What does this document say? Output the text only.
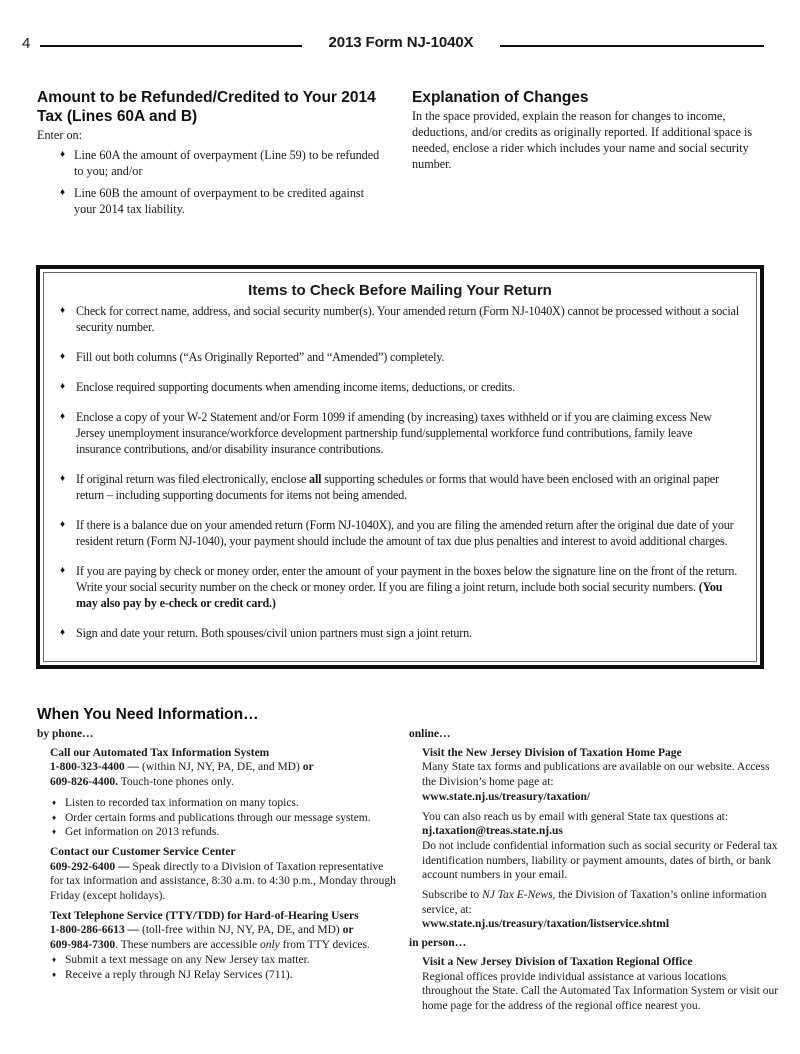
4	2013 Form NJ-1040X
Amount to be Refunded/Credited to Your 2014 Tax (Lines 60A and B)

Enter on:

♦ Line 60A the amount of overpayment (Line 59) to be refunded to you; and/or
♦ Line 60B the amount of overpayment to be credited against your 2014 tax liability.
Explanation of Changes

In the space provided, explain the reason for changes to income, deductions, and/or credits as originally reported. If additional space is needed, enclose a rider which includes your name and social security number.

Items to Check Before Mailing Your Return
♦ Check for correct name, address, and social security number(s). Your amended return (Form NJ-1040X) cannot be processed without a social security number.
♦ Fill out both columns (“As Originally Reported” and “Amended”) completely.
♦ Enclose required supporting documents when amending income items, deductions, or credits.
♦ Enclose a copy of your W-2 Statement and/or Form 1099 if amending (by increasing) taxes withheld or if you are claiming excess New Jersey unemployment insurance/workforce development partnership fund/supplemental workforce fund contributions, family leave insurance contributions, and/or disability insurance contributions.
♦ If original return was filed electronically, enclose all supporting schedules or forms that would have been enclosed with an original paper return – including supporting documents for items not being amended.
♦ If there is a balance due on your amended return (Form NJ-1040X), and you are filing the amended return after the original due date of your resident return (Form NJ-1040), your payment should include the amount of tax due plus penalties and interest to avoid additional charges.
♦ If you are paying by check or money order, enter the amount of your payment in the boxes below the signature line on the front of the return. Write your social security number on the check or money order. If you are filing a joint return, include both social security numbers. (You may also pay by e-check or credit card.)
♦ Sign and date your return. Both spouses/civil union partners must sign a joint return.
When You Need Information…
by phone…
Call our Automated Tax Information System
1-800-323-4400 — (within NJ, NY, PA, DE, and MD) or
609-826-4400. Touch-tone phones only.
♦ Listen to recorded tax information on many topics.
♦ Order certain forms and publications through our message system.
♦ Get information on 2013 refunds.
Contact our Customer Service Center
609-292-6400 — Speak directly to a Division of Taxation representative for tax information and assistance, 8:30 a.m. to 4:30 p.m., Monday through Friday (except holidays).
Text Telephone Service (TTY/TDD) for Hard-of-Hearing Users
1-800-286-6613 — (toll-free within NJ, NY, PA, DE, and MD) or
609-984-7300. These numbers are accessible only from TTY devices.
♦ Submit a text message on any New Jersey tax matter.
♦ Receive a reply through NJ Relay Services (711).
online…
Visit the New Jersey Division of Taxation Home Page
Many State tax forms and publications are available on our website. Access the Division’s home page at:
www.state.nj.us/treasury/taxation/
You can also reach us by email with general State tax questions at:
nj.taxation@treas.state.nj.us
Do not include confidential information such as social security or Federal tax identification numbers, liability or payment amounts, dates of birth, or bank account numbers in your email.
Subscribe to NJ Tax E-News, the Division of Taxation’s online information service, at:
www.state.nj.us/treasury/taxation/listservice.shtml
in person…
Visit a New Jersey Division of Taxation Regional Office
Regional offices provide individual assistance at various locations throughout the State. Call the Automated Tax Information System or visit our home page for the address of the regional office nearest you.
